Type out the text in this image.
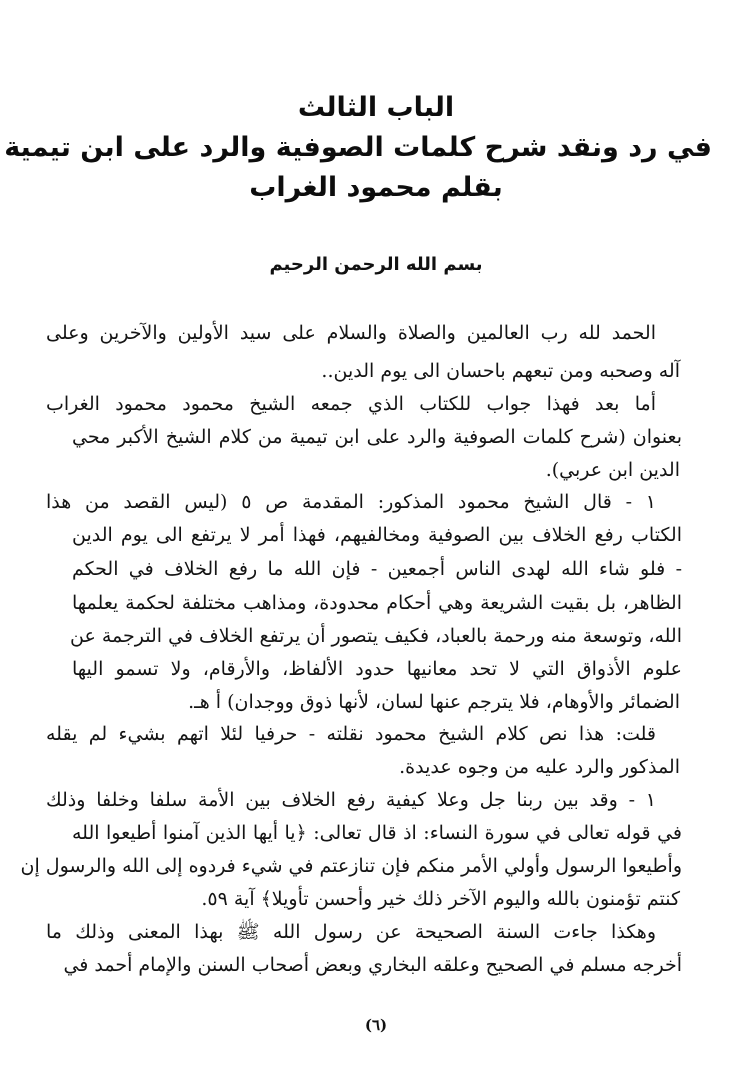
الباب الثالث
في رد ونقد شرح كلمات الصوفية والرد على ابن تيمية
بقلم محمود الغراب
بسم الله الرحمن الرحيم
الحمد لله رب العالمين والصلاة والسلام على سيد الأولين والآخرين وعلى
آله وصحبه ومن تبعهم باحسان الى يوم الدين..
أما بعد فهذا جواب للكتاب الذي جمعه الشيخ محمود محمود الغراب
بعنوان (شرح كلمات الصوفية والرد على ابن تيمية من كلام الشيخ الأكبر محي
الدين ابن عربي).
١ - قال الشيخ محمود المذكور: المقدمة ص ٥ (ليس القصد من هذا
الكتاب رفع الخلاف بين الصوفية ومخالفيهم، فهذا أمر لا يرتفع الى يوم الدين
- فلو شاء الله لهدى الناس أجمعين - فإن الله ما رفع الخلاف في الحكم
الظاهر، بل بقيت الشريعة وهي أحكام محدودة، ومذاهب مختلفة لحكمة يعلمها
الله، وتوسعة منه ورحمة بالعباد، فكيف يتصور أن يرتفع الخلاف في الترجمة عن
علوم الأذواق التي لا تحد معانيها حدود الألفاظ، والأرقام، ولا تسمو اليها
الضمائر والأوهام، فلا يترجم عنها لسان، لأنها ذوق ووجدان) أ هـ.
قلت: هذا نص كلام الشيخ محمود نقلته - حرفيا لئلا اتهم بشيء لم يقله
المذكور والرد عليه من وجوه عديدة.
١ - وقد بين ربنا جل وعلا كيفية رفع الخلاف بين الأمة سلفا وخلفا وذلك
في قوله تعالى في سورة النساء: اذ قال تعالى: ﴿يا أيها الذين آمنوا أطيعوا الله
وأطيعوا الرسول وأولي الأمر منكم فإن تنازعتم في شيء فردوه إلى الله والرسول إن
كنتم تؤمنون بالله واليوم الآخر ذلك خير وأحسن تأويلا﴾ آية ٥٩.
وهكذا جاءت السنة الصحيحة عن رسول الله ﷺ بهذا المعنى وذلك ما
أخرجه مسلم في الصحيح وعلقه البخاري وبعض أصحاب السنن والإمام أحمد في
(٦)
